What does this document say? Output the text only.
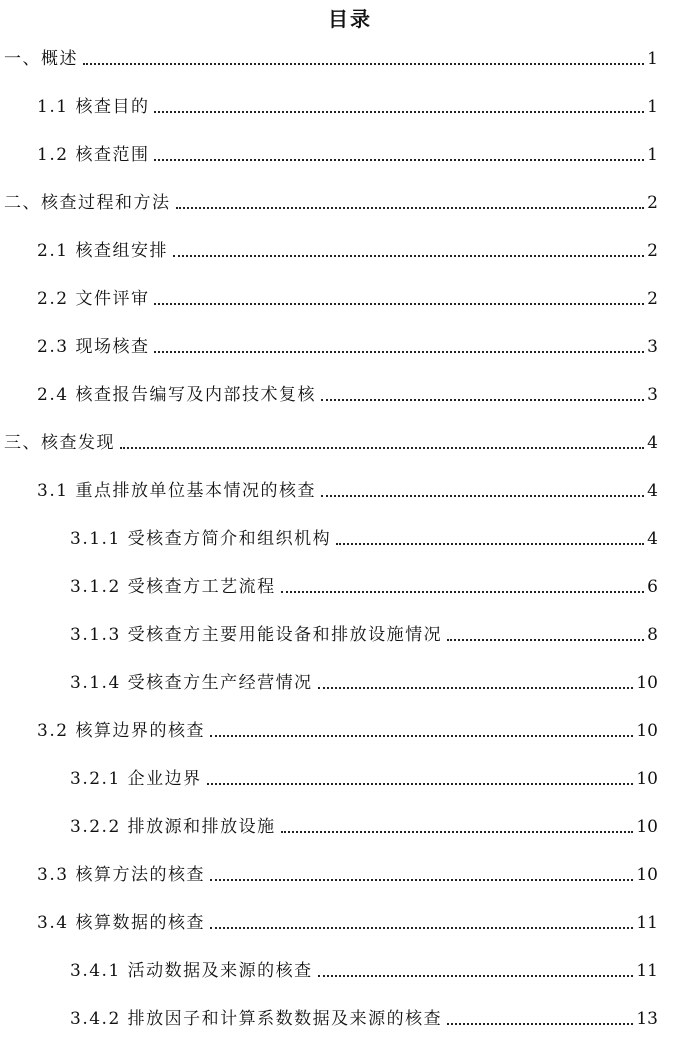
目录
一、概述	1
1.1 核查目的	1
1.2 核查范围	1
二、核查过程和方法	2
2.1 核查组安排	2
2.2 文件评审	2
2.3 现场核查	3
2.4 核查报告编写及内部技术复核	3
三、核查发现	4
3.1 重点排放单位基本情况的核查	4
3.1.1 受核查方简介和组织机构	4
3.1.2 受核查方工艺流程	6
3.1.3 受核查方主要用能设备和排放设施情况	8
3.1.4 受核查方生产经营情况	10
3.2 核算边界的核查	10
3.2.1 企业边界	10
3.2.2 排放源和排放设施	10
3.3 核算方法的核查	10
3.4 核算数据的核查	11
3.4.1 活动数据及来源的核查	11
3.4.2 排放因子和计算系数数据及来源的核查	13
